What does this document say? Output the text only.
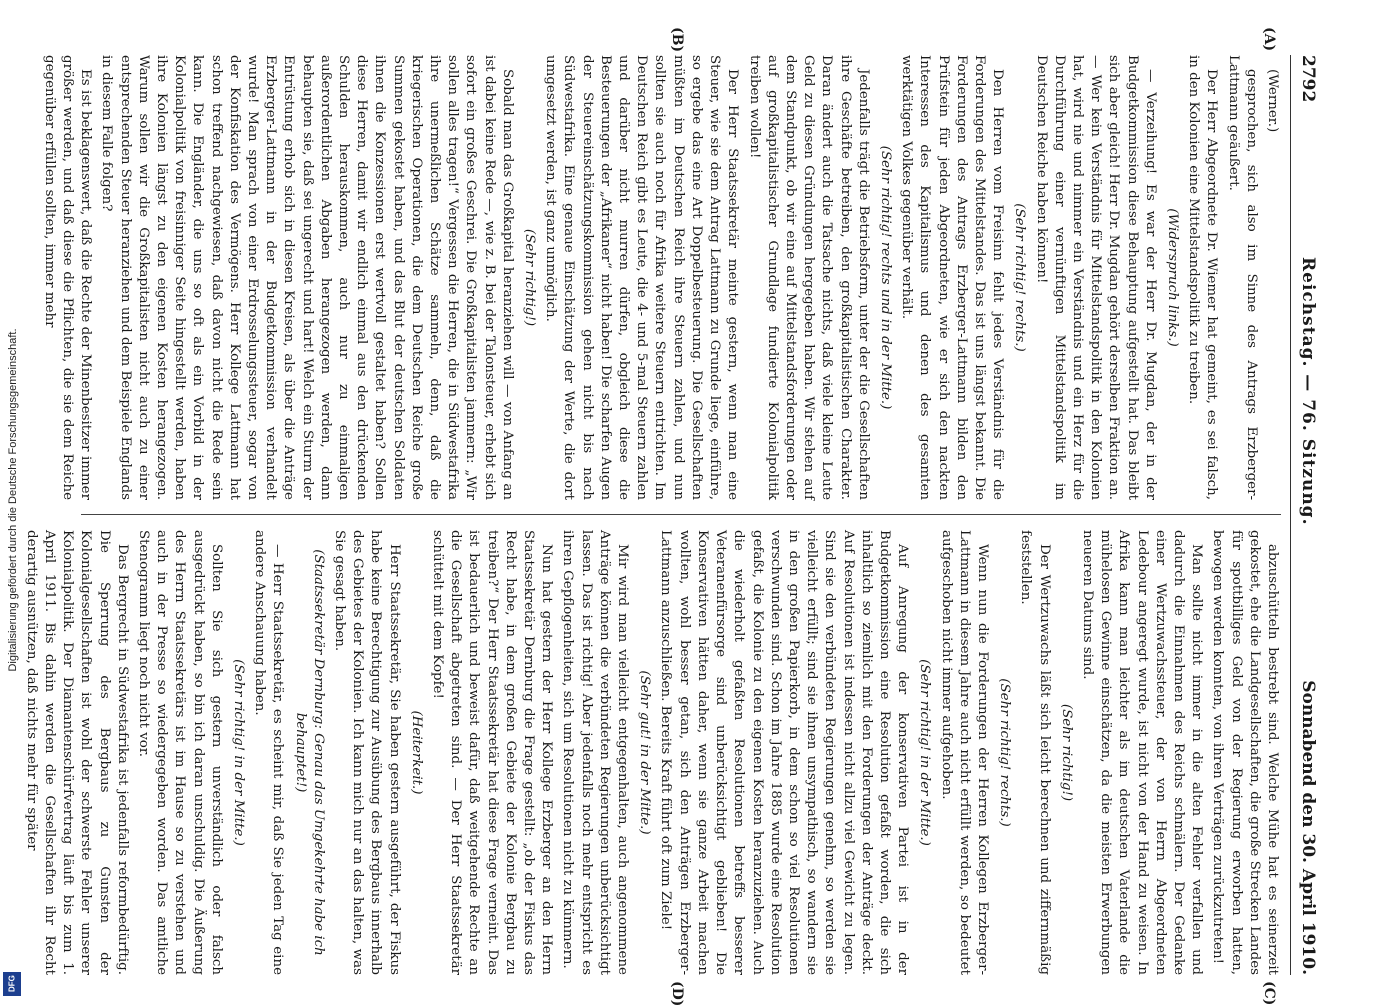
Digitalisierung gefördert durch die Deutsche Forschungsgemeinschaft.
DFG
2792
Reichstag. — 76. Sitzung.
Sonnabend den 30. April 1910.
(A)
(B)
(C)
(D)

(Werner.)

gesprochen, sich also im Sinne des Antrags Erzberger-Lattmann geäußert.

Der Herr Abgeordnete Dr. Wiemer hat gemeint, es sei falsch, in den Kolonien eine Mittelstandspolitik zu treiben.

(Widerspruch links.)

— Verzeihung! Es war der Herr Dr. Mugdan, der in der Budgetkommission diese Behauptung aufgestellt hat. Das bleibt sich aber gleich! Herr Dr. Mugdan gehört derselben Fraktion an. — Wer kein Verständnis für Mittelstandspolitik in den Kolonien hat, wird nie und nimmer ein Verständnis und ein Herz für die Durchführung einer vernünftigen Mittelstandspolitik im Deutschen Reiche haben können!

(Sehr richtig! rechts.)

Den Herren vom Freisinn fehlt jedes Verständnis für die Forderungen des Mittelstandes. Das ist uns längst bekannt. Die Forderungen des Antrags Erzberger-Lattmann bilden den Prüfstein für jeden Abgeordneten, wie er sich den nackten Interessen des Kapitalismus und denen des gesamten werktätigen Volkes gegenüber verhält.

(Sehr richtig! rechts und in der Mitte.)

Jedenfalls trägt die Betriebsform, unter der die Gesellschaften ihre Geschäfte betreiben, den großkapitalistischen Charakter. Daran ändert auch die Tatsache nichts, daß viele kleine Leute Geld zu diesen Gründungen hergegeben haben. Wir stehen auf dem Standpunkt, ob wir eine auf Mittelstandsforderungen oder auf großkapitalistischer Grundlage fundierte Kolonialpolitik treiben wollen!

Der Herr Staatssekretär meinte gestern, wenn man eine Steuer, wie sie dem Antrag Lattmann zu Grunde liege, einführe, so ergebe das eine Art Doppelbesteuerung. Die Gesellschaften müßten im Deutschen Reich ihre Steuern zahlen, und nun sollten sie auch noch für Afrika weitere Steuern entrichten. Im Deutschen Reich gibt es Leute, die 4- und 5-mal Steuern zahlen und darüber nicht murren dürfen, obgleich diese die Besteuerungen der „Afrikaner“ nicht haben! Die scharfen Augen der Steuereinschätzungskommission gehen nicht bis nach Südwestafrika. Eine genaue Einschätzung der Werte, die dort umgesetzt werden, ist ganz unmöglich.

(Sehr richtig!)

Sobald man das Großkapital heranziehen will — von Anfang an ist dabei keine Rede —, wie z. B. bei der Talonsteuer, erhebt sich sofort ein großes Geschrei. Die Großkapitalisten jammern: „Wir sollen alles tragen!“ Vergessen die Herren, die in Südwestafrika ihre unermeßlichen Schätze sammeln, denn, daß die kriegerischen Operationen, die dem Deutschen Reiche große Summen gekostet haben, und das Blut der deutschen Soldaten ihnen die Konzessionen erst wertvoll gestaltet haben? Sollen diese Herren, damit wir endlich einmal aus den drückenden Schulden herauskommen, auch nur zu einmaligen außerordentlichen Abgaben herangezogen werden, dann behaupten sie, daß sei ungerecht und hart! Welch ein Sturm der Entrüstung erhob sich in diesen Kreisen, als über die Anträge Erzberger-Lattmann in der Budgetkommission verhandelt wurde! Man sprach von einer Erdrosselungssteuer, sogar von der Konfiskation des Vermögens. Herr Kollege Lattmann hat schon treffend nachgewiesen, daß davon nicht die Rede sein kann. Die Engländer, die uns so oft als ein Vorbild in der Kolonialpolitik von freisinniger Seite hingestellt werden, haben ihre Kolonien längst zu den eigenen Kosten herangezogen. Warum sollen wir die Großkapitalisten nicht auch zu einer entsprechenden Steuer heranziehen und dem Beispiele Englands in diesem Falle folgen?

Es ist beklagenswert, daß die Rechte der Minenbesitzer immer größer werden, und daß diese die Pflichten, die sie dem Reiche gegenüber erfüllen sollten, immer mehr

abzuschütteln bestrebt sind. Welche Mühe hat es seinerzeit gekostet, ehe die Landgesellschaften, die große Strecken Landes für spottbilliges Geld von der Regierung erworben hatten, bewogen werden konnten, von ihren Verträgen zurückzutreten!

Man sollte nicht immer in die alten Fehler verfallen und dadurch die Einnahmen des Reichs schmälern. Der Gedanke einer Wertzuwachssteuer, der von Herrn Abgeordneten Ledebour angeregt wurde, ist nicht von der Hand zu weisen. In Afrika kann man leichter als im deutschen Vaterlande die mühelosen Gewinne einschätzen, da die meisten Erwerbungen neueren Datums sind.

(Sehr richtig!)

Der Wertzuwachs läßt sich leicht berechnen und ziffernmäßig feststellen.

(Sehr richtig! rechts.)

Wenn nun die Forderungen der Herren Kollegen Erzberger-Lattmann in diesem Jahre auch nicht erfüllt werden, so bedeutet aufgeschoben nicht immer aufgehoben.

(Sehr richtig! in der Mitte.)

Auf Anregung der konservativen Partei ist in der Budgetkommission eine Resolution gefaßt worden, die sich inhaltlich so ziemlich mit den Forderungen der Anträge deckt. Auf Resolutionen ist indessen nicht allzu viel Gewicht zu legen. Sind sie den verbündeten Regierungen genehm, so werden sie vielleicht erfüllt; sind sie ihnen unsympathisch, so wandern sie in den großen Papierkorb, in dem schon so viel Resolutionen verschwunden sind. Schon im Jahre 1885 wurde eine Resolution gefaßt, die Kolonie zu den eigenen Kosten heranzuziehen. Auch die wiederholt gefaßten Resolutionen betreffs besserer Veteranenfürsorge sind unberücksichtigt geblieben! Die Konservativen hätten daher, wenn sie ganze Arbeit machen wollten, wohl besser getan, sich den Anträgen Erzberger-Lattmann anzuschließen. Bereits Kraft führt oft zum Ziele!

(Sehr gut! in der Mitte.)

Mir wird man vielleicht entgegenhalten, auch angenommene Anträge können die verbündeten Regierungen unberücksichtigt lassen. Das ist richtig! Aber jedenfalls noch mehr entspricht es ihren Gepflogenheiten, sich um Resolutionen nicht zu kümmern.

Nun hat gestern der Herr Kollege Erzberger an den Herrn Staatssekretär Dernburg die Frage gestellt: „ob der Fiskus das Recht habe, in dem großen Gebiete der Kolonie Bergbau zu treiben?“ Der Herr Staatssekretär hat diese Frage verneint. Das ist bedauerlich und beweist dafür, daß weitgehende Rechte an die Gesellschaft abgetreten sind. — Der Herr Staatssekretär schüttelt mit dem Kopfe!

(Heiterkeit.)

Herr Staatssekretär, Sie haben gestern ausgeführt, der Fiskus habe keine Berechtigung zur Ausübung des Bergbaus innerhalb des Gebietes der Kolonien. Ich kann mich nur an das halten, was Sie gesagt haben.

(Staatssekretär Dernburg: Genau das Umgekehrte habe ich behauptet!)

— Herr Staatssekretär, es scheint mir, daß Sie jeden Tag eine andere Anschauung haben.

(Sehr richtig! in der Mitte.)

Sollten Sie sich gestern unverständlich oder falsch ausgedrückt haben, so bin ich daran unschuldig. Die Äußerung des Herrn Staatssekretärs ist im Hause so zu verstehen und auch in der Presse so wiedergegeben worden. Das amtliche Stenogramm liegt noch nicht vor.

Das Bergrecht in Südwestafrika ist jedenfalls reformbedürftig. Die Sperrung des Bergbaus zu Gunsten der Kolonialgesellschaften ist wohl der schwerste Fehler unserer Kolonialpolitik. Der Diamantenschürfvertrag läuft bis zum 1. April 1911. Bis dahin werden die Gesellschaften ihr Recht derartig ausnützen, daß nichts mehr für später
